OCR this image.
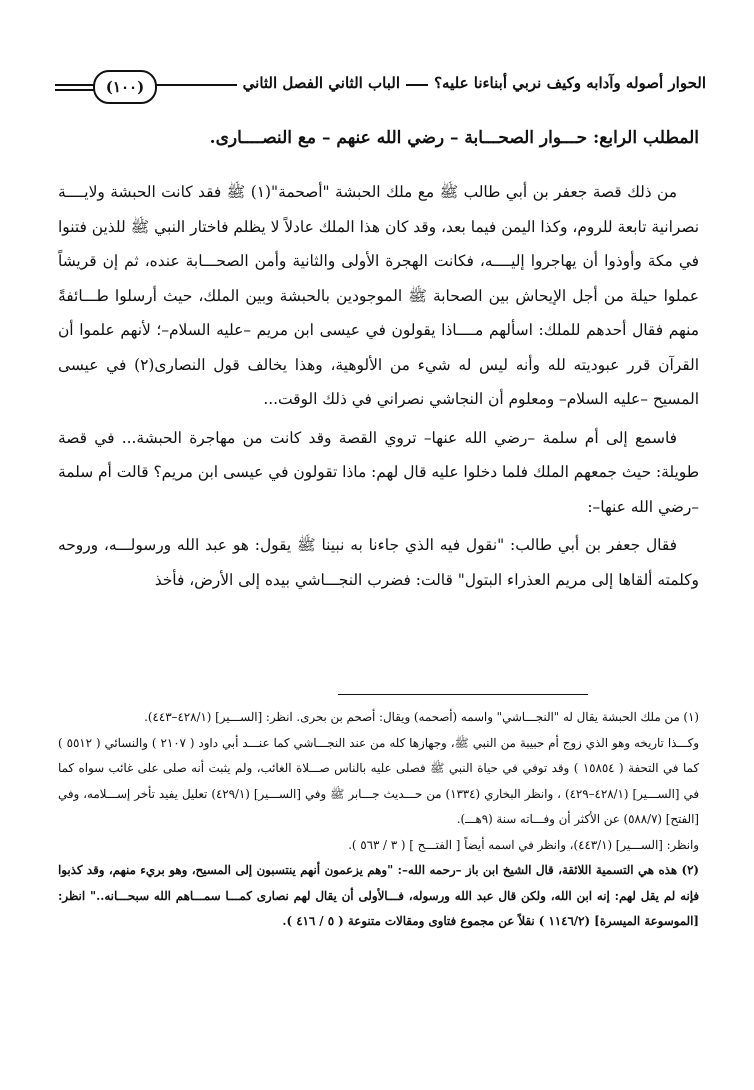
الحوار أصوله وآدابه وكيف نربي أبناءنا عليه؟
الباب الثاني الفصل الثاني
(١٠٠)
المطلب الرابع: حـــوار الصحـــابة – رضي الله عنهم – مع النصــــارى.

من ذلك قصة جعفر بن أبي طالب ﷺ مع ملك الحبشة "أصحمة"(١) ﷺ فقد كانت الحبشة ولايــــة نصرانية تابعة للروم، وكذا اليمن فيما بعد، وقد كان هذا الملك عادلاً لا يظلم فاختار النبي ﷺ للذين فتنوا في مكة وأوذوا أن يهاجروا إليــــه، فكانت الهجرة الأولى والثانية وأمن الصحـــابة عنده، ثم إن قريشاً عملوا حيلة من أجل الإيحاش بين الصحابة ﷺ الموجودين بالحبشة وبين الملك، حيث أرسلوا طـــائفةً منهم فقال أحدهم للملك: اسألهم مــــاذا يقولون في عيسى ابن مريم –عليه السلام–؛ لأنهم علموا أن القرآن قرر عبوديته لله وأنه ليس له شيء من الألوهية، وهذا يخالف قول النصارى(٢) في عيسى المسيح –عليه السلام– ومعلوم أن النجاشي نصراني في ذلك الوقت...

فاسمع إلى أم سلمة –رضي الله عنها– تروي القصة وقد كانت من مهاجرة الحبشة... في قصة طويلة: حيث جمعهم الملك فلما دخلوا عليه قال لهم: ماذا تقولون في عيسى ابن مريم؟ قالت أم سلمة –رضي الله عنها–:

فقال جعفر بن أبي طالب: "نقول فيه الذي جاءنا به نبينا ﷺ يقول: هو عبد الله ورسولـــه، وروحه وكلمته ألقاها إلى مريم العذراء البتول" قالت: فضرب النجـــاشي بيده إلى الأرض، فأخذ

(١) من ملك الحبشة يقال له "النجـــاشي" واسمه (أصحمه) ويقال: أصحم بن بحرى. انظر: [الســـير] (٤٢٨/١–٤٤٣).

وكـــذا تاريخه وهو الذي زوج أم حبيبة من النبي ﷺ، وجهازها كله من عند النجـــاشي كما عنـــد أبي داود ( ٢١٠٧ ) والنسائي ( ٥٥١٢ ) كما في التحفة ( ١٥٨٥٤ ) وقد توفي في حياة النبي ﷺ فصلى عليه بالناس صـــلاة الغائب، ولم يثبت أنه صلى على غائب سواه كما في [الســـير] (٤٢٨/١–٤٢٩) ، وانظر البخاري (١٣٣٤) من حـــديث جـــابر ﷺ وفي [الســـير] (٤٢٩/١) تعليل يفيد تأخر إســـلامه، وفي [الفتح] (٥٨٨/٧) عن الأكثر أن وفـــاته سنة (٩هـــ).

وانظر: [الســـير] (٤٤٣/١)، وانظر في اسمه أيضاً [ الفتـــح ] ( ٣ / ٥٦٣ ).

(٢) هذه هي التسمية اللائقة، قال الشيخ ابن باز –رحمه الله–: "وهم يزعمون أنهم ينتسبون إلى المسيح، وهو بريء منهم، وقد كذبوا فإنه لم يقل لهم: إنه ابن الله، ولكن قال عبد الله ورسوله، فـــالأولى أن يقال لهم نصارى كمـــا سمـــاهم الله سبحـــانه.." انظر: [الموسوعة الميسرة] (١١٤٦/٢ ) نقلاً عن مجموع فتاوى ومقالات متنوعة ( ٥ / ٤١٦ ).
